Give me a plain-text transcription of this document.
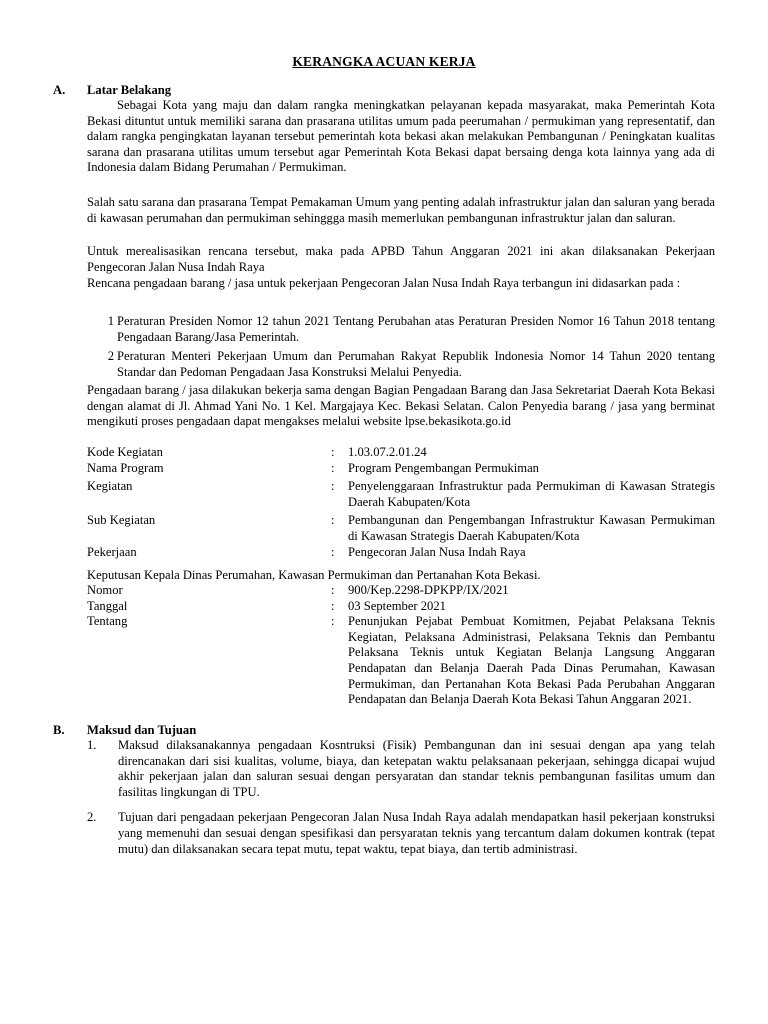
KERANGKA ACUAN KERJA
A. Latar Belakang
Sebagai Kota yang maju dan dalam rangka meningkatkan pelayanan kepada masyarakat, maka Pemerintah Kota Bekasi dituntut untuk memiliki sarana dan prasarana utilitas umum pada peerumahan / permukiman yang representatif, dan dalam rangka pengingkatan layanan tersebut pemerintah kota bekasi akan melakukan Pembangunan / Peningkatan kualitas sarana dan prasarana utilitas umum tersebut agar Pemerintah Kota Bekasi dapat bersaing denga kota lainnya yang ada di Indonesia dalam Bidang Perumahan / Permukiman.
Salah satu sarana dan prasarana Tempat Pemakaman Umum yang penting adalah infrastruktur jalan dan saluran yang berada di kawasan perumahan dan permukiman sehinggga masih memerlukan pembangunan infrastruktur jalan dan saluran.
Untuk merealisasikan rencana tersebut, maka pada APBD Tahun Anggaran 2021 ini akan dilaksanakan Pekerjaan Pengecoran Jalan Nusa Indah Raya
Rencana pengadaan barang / jasa untuk pekerjaan Pengecoran Jalan Nusa Indah Raya terbangun ini didasarkan pada :
1 Peraturan Presiden Nomor 12 tahun 2021 Tentang Perubahan atas Peraturan Presiden Nomor 16 Tahun 2018 tentang Pengadaan Barang/Jasa Pemerintah.
2 Peraturan Menteri Pekerjaan Umum dan Perumahan Rakyat Republik Indonesia Nomor 14 Tahun 2020 tentang Standar dan Pedoman Pengadaan Jasa Konstruksi Melalui Penyedia.
Pengadaan barang / jasa dilakukan bekerja sama dengan Bagian Pengadaan Barang dan Jasa Sekretariat Daerah Kota Bekasi dengan alamat di Jl. Ahmad Yani No. 1 Kel. Margajaya Kec. Bekasi Selatan. Calon Penyedia barang / jasa yang berminat mengikuti proses pengadaan dapat mengakses melalui website lpse.bekasikota.go.id
Kode Kegiatan	:	1.03.07.2.01.24
Nama Program	:	Program Pengembangan Permukiman
Kegiatan	:	Penyelenggaraan Infrastruktur pada Permukiman di Kawasan Strategis Daerah Kabupaten/Kota
Sub Kegiatan	:	Pembangunan dan Pengembangan Infrastruktur Kawasan Permukiman di Kawasan Strategis Daerah Kabupaten/Kota
Pekerjaan	:	Pengecoran Jalan Nusa Indah Raya
Keputusan Kepala Dinas Perumahan, Kawasan Permukiman dan Pertanahan Kota Bekasi.
Nomor	:	900/Kep.2298-DPKPP/IX/2021
Tanggal	:	03 September 2021
Tentang	:	Penunjukan Pejabat Pembuat Komitmen, Pejabat Pelaksana Teknis Kegiatan, Pelaksana Administrasi, Pelaksana Teknis dan Pembantu Pelaksana Teknis untuk Kegiatan Belanja Langsung Anggaran Pendapatan dan Belanja Daerah Pada Dinas Perumahan, Kawasan Permukiman, dan Pertanahan Kota Bekasi Pada Perubahan Anggaran Pendapatan dan Belanja Daerah Kota Bekasi Tahun Anggaran 2021.
B. Maksud dan Tujuan
1.	Maksud dilaksanakannya pengadaan Kosntruksi (Fisik) Pembangunan dan ini sesuai dengan apa yang telah direncanakan dari sisi kualitas, volume, biaya, dan ketepatan waktu pelaksanaan pekerjaan, sehingga dicapai wujud akhir pekerjaan jalan dan saluran sesuai dengan persyaratan dan standar teknis pembangunan fasilitas umum dan fasilitas lingkungan di TPU.
2.	Tujuan dari pengadaan pekerjaan Pengecoran Jalan Nusa Indah Raya adalah mendapatkan hasil pekerjaan konstruksi yang memenuhi dan sesuai dengan spesifikasi dan persyaratan teknis yang tercantum dalam dokumen kontrak (tepat mutu) dan dilaksanakan secara tepat mutu, tepat waktu, tepat biaya, dan tertib administrasi.
